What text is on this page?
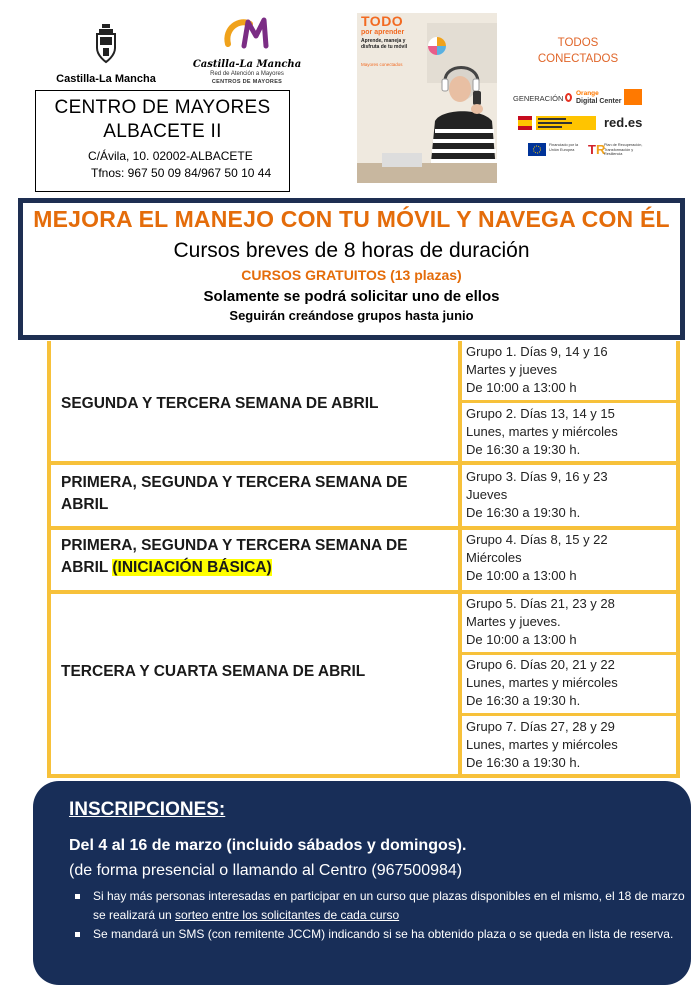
Castilla-La Mancha
Castilla-La Mancha
Red de Atención a Mayores
CENTROS DE MAYORES
CENTRO DE MAYORES
ALBACETE II
C/Ávila, 10. 02002-ALBACETE
Tfnos: 967 50 09 84/967 50 10 44
TODO
por aprender
Aprende, maneja y disfruta de tu móvil
Mayores conectados
TODOS
CONECTADOS
GENERACIÓN
Orange
Digital Center
red.es
Financiado por la Unión Europea	TR
Plan de Recuperación, Transformación y Resiliencia
MEJORA EL MANEJO CON TU MÓVIL Y NAVEGA CON ÉL
Cursos breves de 8 horas de duración
CURSOS GRATUITOS (13 plazas)
Solamente se podrá solicitar uno de ellos
Seguirán creándose grupos hasta junio
SEGUNDA Y TERCERA SEMANA DE ABRIL
Grupo 1. Días 9, 14 y 16
Martes y jueves
De 10:00 a 13:00 h
Grupo 2. Días 13, 14 y 15
Lunes, martes y miércoles
De 16:30 a 19:30 h.
PRIMERA, SEGUNDA Y TERCERA SEMANA DE ABRIL
Grupo 3. Días 9, 16 y 23
Jueves
De 16:30 a 19:30 h.
PRIMERA, SEGUNDA Y TERCERA SEMANA DE ABRIL (INICIACIÓN BÁSICA)
Grupo 4. Días 8, 15 y 22
Miércoles
De 10:00 a 13:00 h
TERCERA Y CUARTA SEMANA DE ABRIL
Grupo 5. Días 21, 23 y 28
Martes y jueves.
De 10:00 a 13:00 h
Grupo 6. Días 20, 21 y 22
Lunes, martes y miércoles
De 16:30 a 19:30 h.
Grupo 7. Días 27, 28 y 29
Lunes, martes y miércoles
De 16:30 a 19:30 h.
INSCRIPCIONES:
Del 4 al 16 de marzo (incluido sábados y domingos).
(de forma presencial o llamando al Centro (967500984)
Si hay más personas interesadas en participar en un curso que plazas disponibles en el mismo, el 18 de marzo se realizará un sorteo entre los solicitantes de cada curso
Se mandará un SMS (con remitente JCCM) indicando si se ha obtenido plaza o se queda en lista de reserva.
